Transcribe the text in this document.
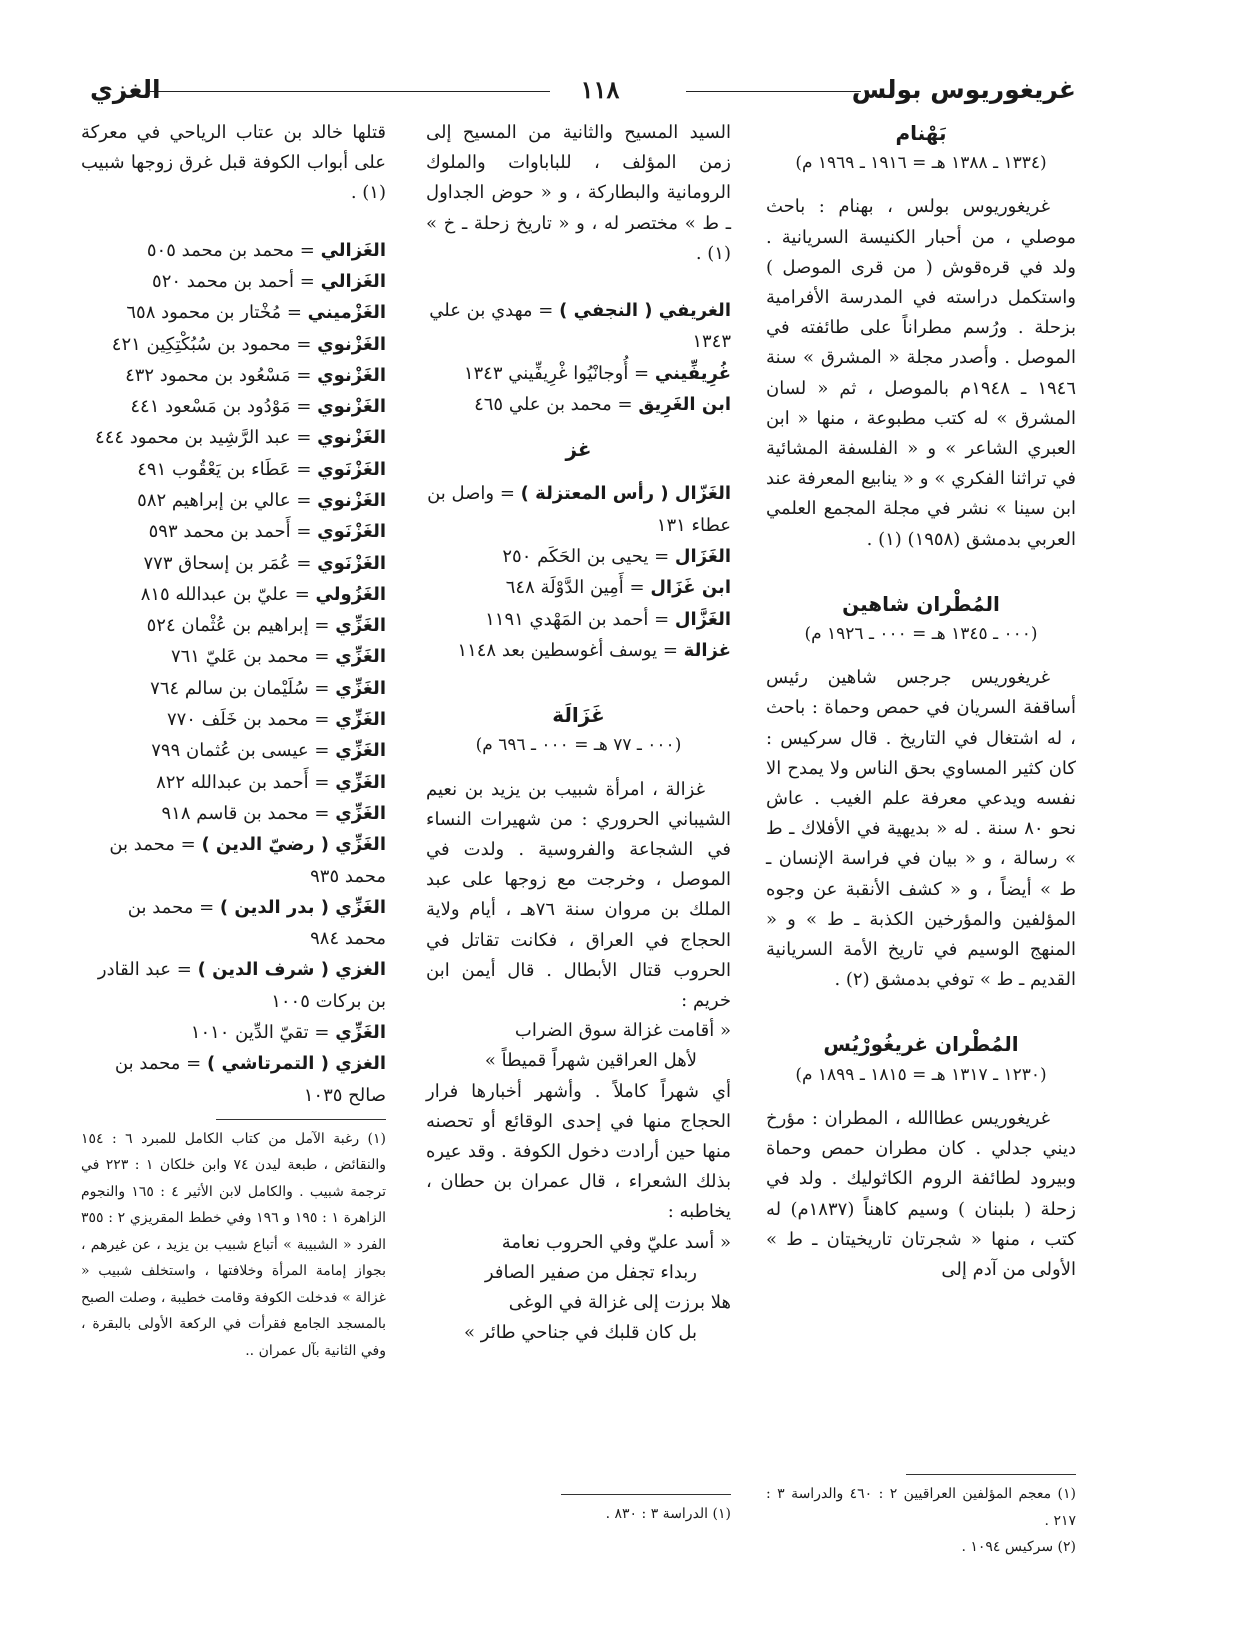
غريغوريوس بولس
١١٨
الغزي

بَهْنام

(١٣٣٤ ـ ١٣٨٨ هـ = ١٩١٦ ـ ١٩٦٩ م)

غريغوريوس بولس ، بهنام : باحث موصلي ، من أحبار الكنيسة السريانية . ولد في قرەقوش ( من قرى الموصل ) واستكمل دراسته في المدرسة الأفرامية بزحلة . ورُسم مطراناً على طائفته في الموصل . وأصدر مجلة « المشرق » سنة ١٩٤٦ ـ ١٩٤٨م بالموصل ، ثم « لسان المشرق » له كتب مطبوعة ، منها « ابن العبري الشاعر » و « الفلسفة المشائية في تراثنا الفكري » و « ينابيع المعرفة عند ابن سينا » نشر في مجلة المجمع العلمي العربي بدمشق (١٩٥٨) (١) .

المُطْران شاهين

(٠٠٠ ـ ١٣٤٥ هـ = ٠٠٠ ـ ١٩٢٦ م)

غريغوريس جرجس شاهين رئيس أساقفة السريان في حمص وحماة : باحث ، له اشتغال في التاريخ . قال سركيس : كان كثير المساوي بحق الناس ولا يمدح الا نفسه ويدعي معرفة علم الغيب . عاش نحو ٨٠ سنة . له « بديهية في الأفلاك ـ ط » رسالة ، و « بيان في فراسة الإنسان ـ ط » أيضاً ، و « كشف الأنقبة عن وجوه المؤلفين والمؤرخين الكذبة ـ ط » و « المنهج الوسيم في تاريخ الأمة السريانية القديم ـ ط » توفي بدمشق (٢) .

المُطْران غريغُورْيُس

(١٢٣٠ ـ ١٣١٧ هـ = ١٨١٥ ـ ١٨٩٩ م)

غريغوريس عطاالله ، المطران : مؤرخ ديني جدلي . كان مطران حمص وحماة وبيرود لطائفة الروم الكاثوليك . ولد في زحلة ( بلبنان ) وسيم كاهناً (١٨٣٧م) له كتب ، منها « شجرتان تاريخيتان ـ ط » الأولى من آدم إلى

(١) معجم المؤلفين العراقيين ٢ : ٤٦٠ والدراسة ٣ : ٢١٧ .

(٢) سركيس ١٠٩٤ .

السيد المسيح والثانية من المسيح إلى زمن المؤلف ، للباباوات والملوك الرومانية والبطاركة ، و « حوض الجداول ـ ط » مختصر له ، و « تاريخ زحلة ـ خ » (١) .

الغريفي ( النجفي ) = مهدي بن علي ١٣٤٣

غُرِيفِّيني = أُوجانْيُوا غْرِيفِّيني ١٣٤٣

ابن الغَرِيق = محمد بن علي ٤٦٥

غز

الغَزّال ( رأس المعتزلة ) = واصل بن عطاء ١٣١

الغَزَال = يحيى بن الحَكَم ٢٥٠

ابن غَزَال = أَمِين الدَّوْلَة ٦٤٨

الغَزَّال = أحمد بن المَهْدي ١١٩١

غزالة = يوسف أغوسطين بعد ١١٤٨

غَزَالَة

(٠٠٠ ـ ٧٧ هـ = ٠٠٠ ـ ٦٩٦ م)

غزالة ، امرأة شبيب بن يزيد بن نعيم الشيباني الحروري : من شهيرات النساء في الشجاعة والفروسية . ولدت في الموصل ، وخرجت مع زوجها على عبد الملك بن مروان سنة ٧٦هـ ، أيام ولاية الحجاج في العراق ، فكانت تقاتل في الحروب قتال الأبطال . قال أيمن ابن خريم :

« أقامت غزالة سوق الضراب

لأهل العراقين شهراً قميطاً »

أي شهراً كاملاً . وأشهر أخبارها فرار الحجاج منها في إحدى الوقائع أو تحصنه منها حين أرادت دخول الكوفة . وقد عيره بذلك الشعراء ، قال عمران بن حطان ، يخاطبه :

« أسد عليّ وفي الحروب نعامة

ربداء تجفل من صفير الصافر

هلا برزت إلى غزالة في الوغى

بل كان قلبك في جناحي طائر »

(١) الدراسة ٣ : ٨٣٠ .

قتلها خالد بن عتاب الرياحي في معركة على أبواب الكوفة قبل غرق زوجها شبيب (١) .

الغَزالي = محمد بن محمد ٥٠٥

الغَزالي = أحمد بن محمد ٥٢٠

الغَزْميني = مُخْتار بن محمود ٦٥٨

الغَزْنوي = محمود بن سُبُكْتِكِين ٤٢١

الغَزْنوي = مَسْعُود بن محمود ٤٣٢

الغَزْنوي = مَوْدُود بن مَسْعود ٤٤١

الغَزْنوي = عبد الرَّشِيد بن محمود ٤٤٤

الغَزْنَوي = عَطَاء بن يَعْقُوب ٤٩١

الغَزْنوي = عالي بن إبراهيم ٥٨٢

الغَزْنَوي = أَحمد بن محمد ٥٩٣

الغَزْنَوي = عُمَر بن إسحاق ٧٧٣

الغَزُولي = عليّ بن عبدالله ٨١٥

الغَزِّي = إبراهيم بن عُثْمان ٥٢٤

الغَزِّي = محمد بن عَليّ ٧٦١

الغَزِّي = سُلَيْمان بن سالم ٧٦٤

الغَزِّي = محمد بن خَلَف ٧٧٠

الغَزِّي = عيسى بن عُثمان ٧٩٩

الغَزِّي = أَحمد بن عبدالله ٨٢٢

الغَزِّي = محمد بن قاسم ٩١٨

الغَزِّي ( رضيّ الدين ) = محمد بن محمد ٩٣٥

الغَزِّي ( بدر الدين ) = محمد بن محمد ٩٨٤

الغزي ( شرف الدين ) = عبد القادر بن بركات ١٠٠٥

الغَزِّي = تقيّ الدِّين ١٠١٠

الغزي ( التمرتاشي ) = محمد بن صالح ١٠٣٥

(١) رغبة الآمل من كتاب الكامل للمبرد ٦ : ١٥٤ والنقائض ، طبعة ليدن ٧٤ وابن خلكان ١ : ٢٢٣ في ترجمة شبيب . والكامل لابن الأثير ٤ : ١٦٥ والنجوم الزاهرة ١ : ١٩٥ و ١٩٦ وفي خطط المقريزي ٢ : ٣٥٥ الفرد « الشبيبة » أتباع شبيب بن يزيد ، عن غيرهم ، بجواز إمامة المرأة وخلافتها ، واستخلف شبيب « غزالة » فدخلت الكوفة وقامت خطيبة ، وصلت الصبح بالمسجد الجامع فقرأت في الركعة الأولى بالبقرة ، وفي الثانية بآل عمران ..
